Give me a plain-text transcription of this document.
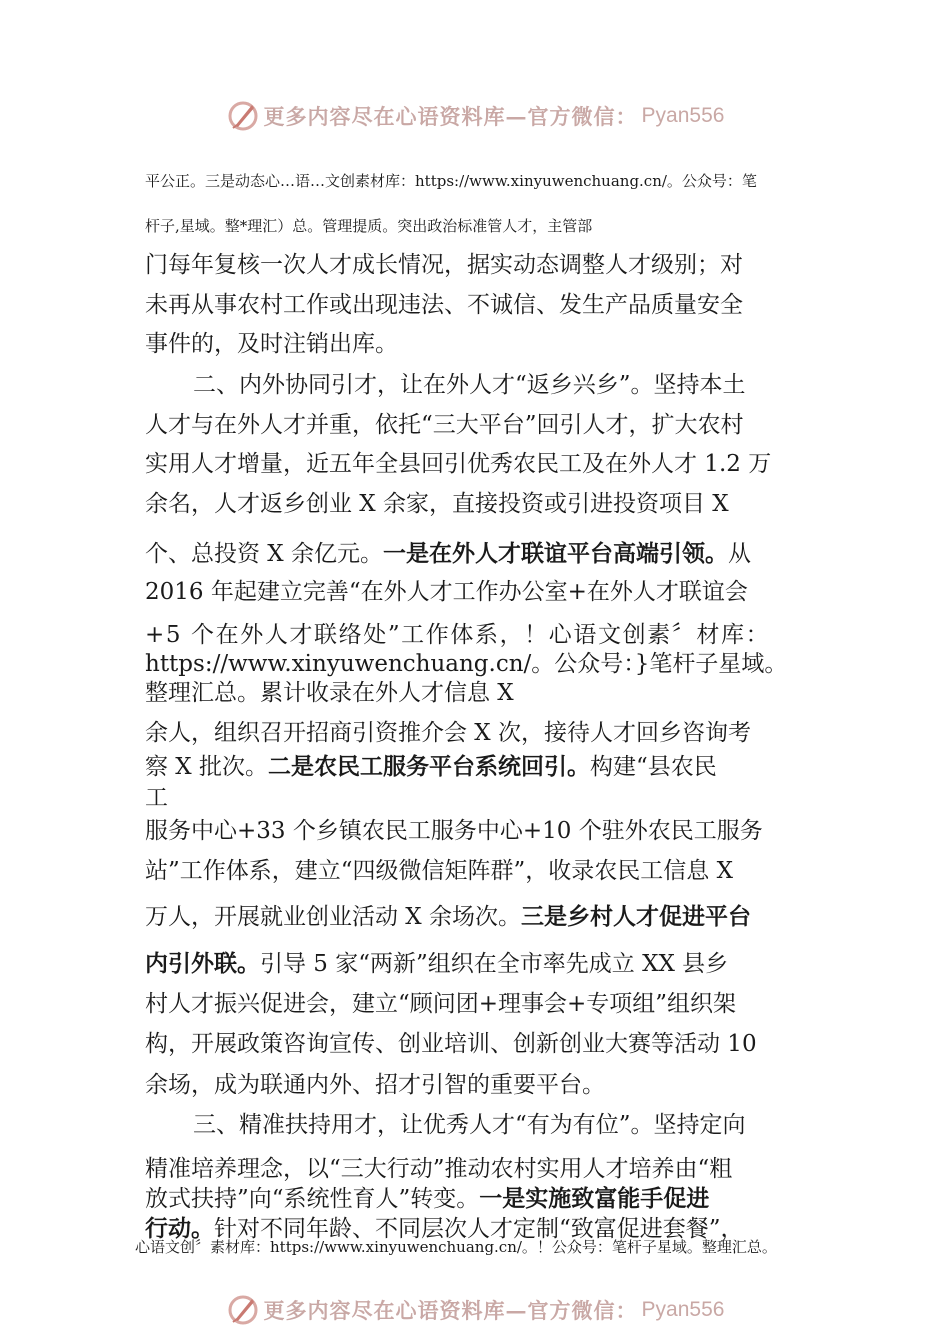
更多内容尽在心语资料库—官方微信： Pyan556
平公正。三是动态心…语…文创素材库：https://www.xinyuwenchuang.cn/。公众号：笔
杆子,星域。整*理汇）总。管理提质。突出政治标准管人才，主管部
门每年复核一次人才成长情况，据实动态调整人才级别；对
未再从事农村工作或出现违法、不诚信、发生产品质量安全
事件的，及时注销出库。
二、内外协同引才，让在外人才“返乡兴乡”。坚持本土
人才与在外人才并重，依托“三大平台”回引人才，扩大农村
实用人才增量，近五年全县回引优秀农民工及在外人才 1.2 万
余名，人才返乡创业 X 余家，直接投资或引进投资项目 X
个、总投资 X 余亿元。一是在外人才联谊平台高端引领。从
2016 年起建立完善“在外人才工作办公室+在外人才联谊会
+5 个在外人才联络处”工作体系，！心语文创素〞材库：
https://www.xinyuwenchuang.cn/。公众号：}笔杆子星域。
整理汇总。累计收录在外人才信息 X
余人，组织召开招商引资推介会 X 次，接待人才回乡咨询考
察 X 批次。二是农民工服务平台系统回引。构建“县农民
工
服务中心+33 个乡镇农民工服务中心+10 个驻外农民工服务
站”工作体系，建立“四级微信矩阵群”，收录农民工信息 X
万人，开展就业创业活动 X 余场次。三是乡村人才促进平台
内引外联。引导 5 家“两新”组织在全市率先成立 XX 县乡
村人才振兴促进会，建立“顾问团+理事会+专项组”组织架
构，开展政策咨询宣传、创业培训、创新创业大赛等活动 10
余场，成为联通内外、招才引智的重要平台。
三、精准扶持用才，让优秀人才“有为有位”。坚持定向
精准培养理念，以“三大行动”推动农村实用人才培养由“粗
放式扶持”向“系统性育人”转变。一是实施致富能手促进
行动。针对不同年龄、不同层次人才定制“致富促进套餐”，
心语文创〞素材库：https://www.xinyuwenchuang.cn/。！公众号：笔杆子星域。整理汇总。
更多内容尽在心语资料库—官方微信： Pyan556
